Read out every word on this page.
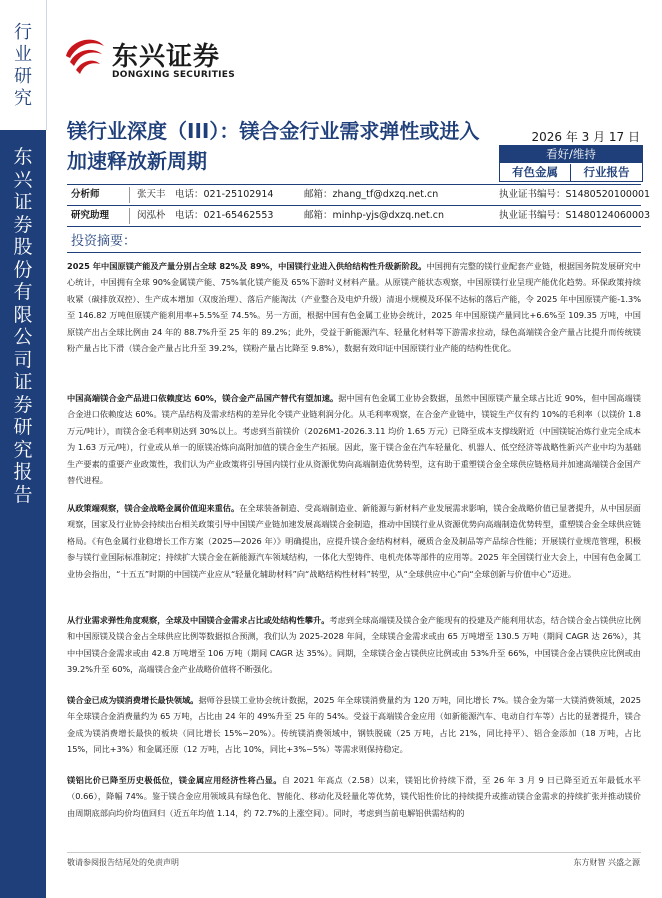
行业研究
东兴证券股份有限公司证券研究报告
东兴证券
DONGXING SECURITIES
镁行业深度（III）：镁合金行业需求弹性或进入加速释放新周期
2026 年 3 月 17 日
看好/维持
有色金属	行业报告
分析师	张天丰 电话：021-25102914	邮箱：zhang_tf@dxzq.net.cn	执业证书编号：S1480520100001
研究助理	闵泓朴 电话：021-65462553	邮箱：minhp-yjs@dxzq.net.cn	执业证书编号：S1480124060003
投资摘要：
2025 年中国原镁产能及产量分别占全球 82%及 89%，中国镁行业进入供给结构性升级新阶段。中国拥有完整的镁行业配套产业链，根据国务院发展研究中心统计，中国拥有全球 90%金属镁产能、75%氧化镁产能及 65%下游时义材料产量。从原镁产能状态观察，中国原镁行业呈现产能优化趋势。环保政策持续收紧（碳排放双控）、生产成本增加（双废治理）、落后产能淘汰（产业整合及电炉升级）清退小规模及环保不达标的落后产能，令 2025 年中国原镁产能-1.3%至 146.82 万吨但原镁产能利用率+5.5%至 74.5%。另一方面，根据中国有色金属工业协会统计，2025 年中国原镁产量同比+6.6%至 109.35 万吨，中国原镁产出占全球比例由 24 年的 88.7%升至 25 年的 89.2%；此外，受益于新能源汽车、轻量化材料等下游需求拉动，绿色高端镁合金产量占比提升而传统镁粉产量占比下滑（镁合金产量占比升至 39.2%，镁粉产量占比降至 9.8%），数据有效印证中国原镁行业产能的结构性优化。
中国高端镁合金产品进口依赖度达 60%，镁合金产品国产替代有望加速。据中国有色金属工业协会数据，虽然中国原镁产量全球占比近 90%，但中国高端镁合金进口依赖度达 60%。镁产品结构及需求结构的差异化令镁产业链利润分化。从毛利率观察，在合金产业链中，镁锭生产仅有约 10%的毛利率（以镁价 1.8 万元/吨计），而镁合金毛利率则达到 30%以上。考虑到当前镁价（2026M1-2026.3.11 均价 1.65 万元）已降至成本支撑线附近（中国镁锭冶炼行业完全成本为 1.63 万元/吨），行业或从单一的原镁冶炼向高附加值的镁合金生产拓展。因此，鉴于镁合金在汽车轻量化、机器人、低空经济等战略性新兴产业中均为基础生产要素的重要产业政策性，我们认为产业政策将引导国内镁行业从资源优势向高端制造优势转型，这有助于重塑镁合金全球供应链格局并加速高端镁合金国产替代进程。
从政策端观察，镁合金战略金属价值迎来重估。在全球装备制造、受高端制造业、新能源与新材料产业发展需求影响，镁合金战略价值已显著提升，从中国层面观察，国家及行业协会持续出台相关政策引导中国镁产业链加速发展高端镁合金制造，推动中国镁行业从资源优势向高端制造优势转型，重塑镁合金全球供应链格局。《有色金属行业稳增长工作方案（2025—2026 年）》明确提出，应提升镁合金结构材料，硬质合金及制品等产品综合性能；开展镁行业规范管理，积极参与镁行业国际标准制定；持续扩大镁合金在新能源汽车领域结构，一体化大型铸件、电机壳体等部件的应用等。2025 年全国镁行业大会上，中国有色金属工业协会指出，“十五五”时期的中国镁产业应从“轻量化辅助材料”向“战略结构性材料”转型，从“全球供应中心”向“全球创新与价值中心”迈进。
从行业需求弹性角度观察，全球及中国镁合金需求占比或处结构性攀升。考虑到全球高端镁及镁合金产能现有的投建及产能利用状态，结合镁合金占镁供应比例和中国原镁及镁合金占全球供应比例等数据拟合预测，我们认为 2025-2028 年间，全球镁合金需求或由 65 万吨增至 130.5 万吨（期间 CAGR 达 26%），其中中国镁合金需求或由 42.8 万吨增至 106 万吨（期间 CAGR 达 35%）。同期，全球镁合金占镁供应比例或由 53%升至 66%，中国镁合金占镁供应比例或由 39.2%升至 60%，高端镁合金产业战略价值将不断强化。
镁合金已成为镁消费增长最快领域。据师谷县镁工业协会统计数据，2025 年全球镁消费量约为 120 万吨，同比增长 7%。镁合金为第一大镁消费领域，2025 年全球镁合金消费量约为 65 万吨，占比由 24 年的 49%升至 25 年的 54%。受益于高端镁合金应用（如新能源汽车、电动自行车等）占比的显著提升，镁合金成为镁消费增长最快的板块（同比增长 15%~20%）。传统镁消费领域中，钢铁脱硫（25 万吨，占比 21%，同比持平）、铝合金添加（18 万吨，占比 15%，同比+3%）和金属还原（12 万吨，占比 10%，同比+3%~5%）等需求则保持稳定。
镁铝比价已降至历史极低位，镁金属应用经济性将凸显。自 2021 年高点（2.58）以来，镁铝比价持续下滑，至 26 年 3 月 9 日已降至近五年最低水平（0.66），降幅 74%。鉴于镁合金应用领域具有绿色化、智能化、移动化及轻量化等优势，镁代铝性价比的持续提升或推动镁合金需求的持续扩张并推动镁价由周期底部向均价均值回归（近五年均值 1.14，约 72.7%的上涨空间）。同时，考虑到当前电解铝供需结构的
敬请参阅报告结尾处的免责声明	东方财智 兴盛之源
